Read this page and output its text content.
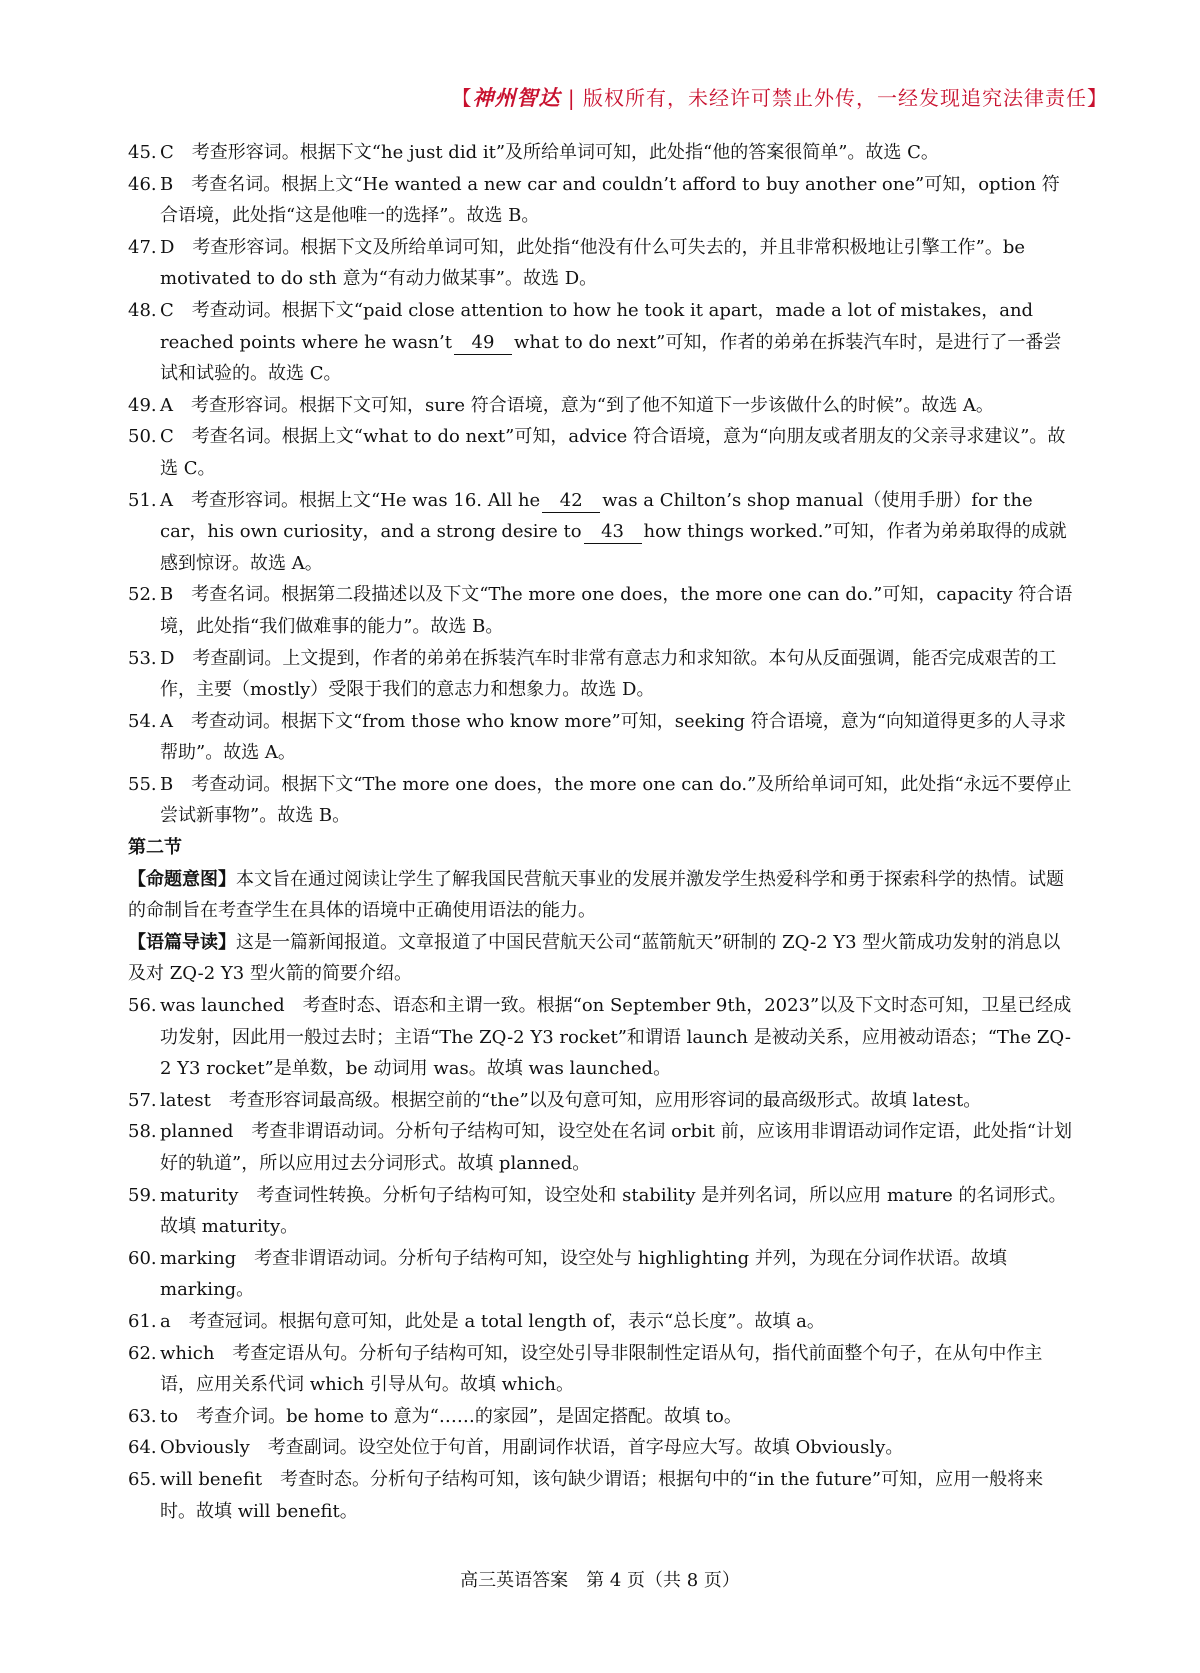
【神州智达 | 版权所有，未经许可禁止外传，一经发现追究法律责任】
45. C　考查形容词。根据下文“he just did it”及所给单词可知，此处指“他的答案很简单”。故选 C。
46. B　考查名词。根据上文“He wanted a new car and couldn’t afford to buy another one”可知，option 符合语境，此处指“这是他唯一的选择”。故选 B。
47. D　考查形容词。根据下文及所给单词可知，此处指“他没有什么可失去的，并且非常积极地让引擎工作”。be motivated to do sth 意为“有动力做某事”。故选 D。
48. C　考查动词。根据下文“paid close attention to how he took it apart，made a lot of mistakes，and reached points where he wasn’t 49 what to do next”可知，作者的弟弟在拆装汽车时，是进行了一番尝试和试验的。故选 C。
49. A　考查形容词。根据下文可知，sure 符合语境，意为“到了他不知道下一步该做什么的时候”。故选 A。
50. C　考查名词。根据上文“what to do next”可知，advice 符合语境，意为“向朋友或者朋友的父亲寻求建议”。故选 C。
51. A　考查形容词。根据上文“He was 16. All he 42 was a Chilton’s shop manual（使用手册）for the car，his own curiosity，and a strong desire to 43 how things worked.”可知，作者为弟弟取得的成就感到惊讶。故选 A。
52. B　考查名词。根据第二段描述以及下文“The more one does，the more one can do.”可知，capacity 符合语境，此处指“我们做难事的能力”。故选 B。
53. D　考查副词。上文提到，作者的弟弟在拆装汽车时非常有意志力和求知欲。本句从反面强调，能否完成艰苦的工作，主要（mostly）受限于我们的意志力和想象力。故选 D。
54. A　考查动词。根据下文“from those who know more”可知，seeking 符合语境，意为“向知道得更多的人寻求帮助”。故选 A。
55. B　考查动词。根据下文“The more one does，the more one can do.”及所给单词可知，此处指“永远不要停止尝试新事物”。故选 B。
第二节
【命题意图】本文旨在通过阅读让学生了解我国民营航天事业的发展并激发学生热爱科学和勇于探索科学的热情。试题的命制旨在考查学生在具体的语境中正确使用语法的能力。
【语篇导读】这是一篇新闻报道。文章报道了中国民营航天公司“蓝箭航天”研制的 ZQ-2 Y3 型火箭成功发射的消息以及对 ZQ-2 Y3 型火箭的简要介绍。
56. was launched　考查时态、语态和主谓一致。根据“on September 9th，2023”以及下文时态可知，卫星已经成功发射，因此用一般过去时；主语“The ZQ-2 Y3 rocket”和谓语 launch 是被动关系，应用被动语态；“The ZQ-2 Y3 rocket”是单数，be 动词用 was。故填 was launched。
57. latest　考查形容词最高级。根据空前的“the”以及句意可知，应用形容词的最高级形式。故填 latest。
58. planned　考查非谓语动词。分析句子结构可知，设空处在名词 orbit 前，应该用非谓语动词作定语，此处指“计划好的轨道”，所以应用过去分词形式。故填 planned。
59. maturity　考查词性转换。分析句子结构可知，设空处和 stability 是并列名词，所以应用 mature 的名词形式。故填 maturity。
60. marking　考查非谓语动词。分析句子结构可知，设空处与 highlighting 并列，为现在分词作状语。故填 marking。
61. a　考查冠词。根据句意可知，此处是 a total length of，表示“总长度”。故填 a。
62. which　考查定语从句。分析句子结构可知，设空处引导非限制性定语从句，指代前面整个句子，在从句中作主语，应用关系代词 which 引导从句。故填 which。
63. to　考查介词。be home to 意为“……的家园”，是固定搭配。故填 to。
64. Obviously　考查副词。设空处位于句首，用副词作状语，首字母应大写。故填 Obviously。
65. will benefit　考查时态。分析句子结构可知，该句缺少谓语；根据句中的“in the future”可知，应用一般将来时。故填 will benefit。
高三英语答案　第 4 页（共 8 页）
